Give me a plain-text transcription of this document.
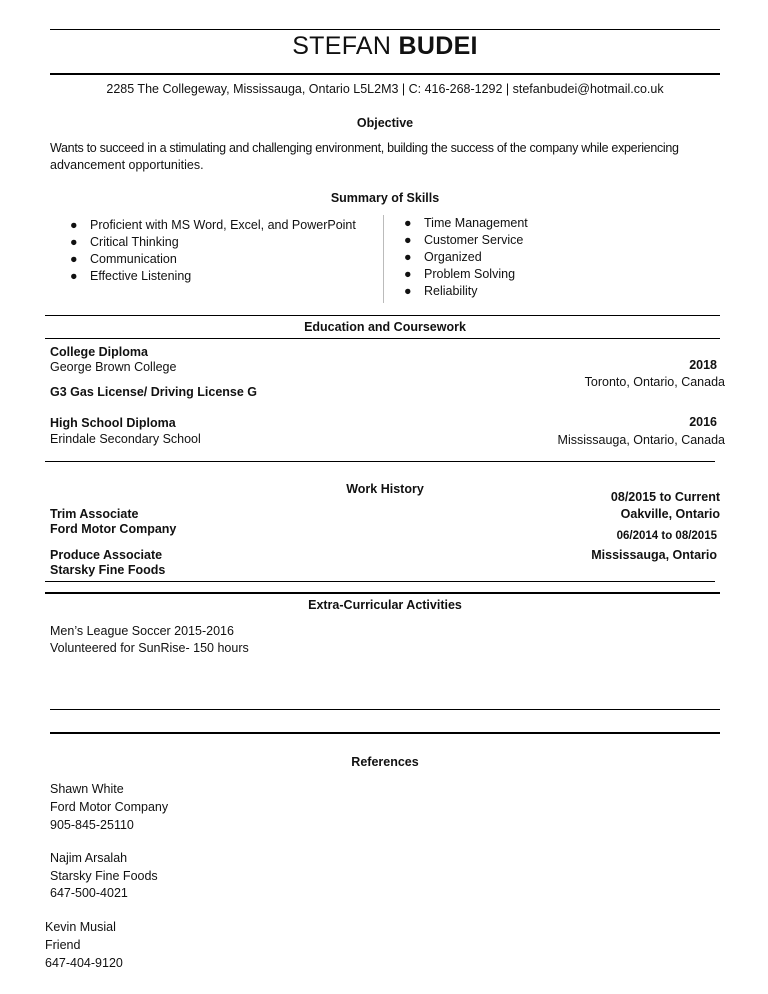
STEFAN BUDEI
2285 The Collegeway, Mississauga, Ontario L5L2M3 | C: 416-268-1292 | stefanbudei@hotmail.co.uk
Objective
Wants to succeed in a stimulating and challenging environment, building the success of the company while experiencing
advancement opportunities.
Summary of Skills
● Proficient with MS Word, Excel, and PowerPoint
● Critical Thinking
● Communication
● Effective Listening
● Time Management
● Customer Service
● Organized
● Problem Solving
● Reliability
Education and Coursework
College Diploma
George Brown College	2018
Toronto, Ontario, Canada
G3 Gas License/ Driving License G
High School Diploma
Erindale Secondary School
2016
Mississauga, Ontario, Canada
Work History
Trim Associate
Ford Motor Company
08/2015 to Current
Oakville, Ontario
Produce Associate
Starsky Fine Foods
06/2014 to 08/2015
Mississauga, Ontario
Extra-Curricular Activities
Men’s League Soccer 2015-2016
Volunteered for SunRise- 150 hours
References
Shawn White
Ford Motor Company
905-845-25110
Najim Arsalah
Starsky Fine Foods
647-500-4021
Kevin Musial
Friend
647-404-9120
